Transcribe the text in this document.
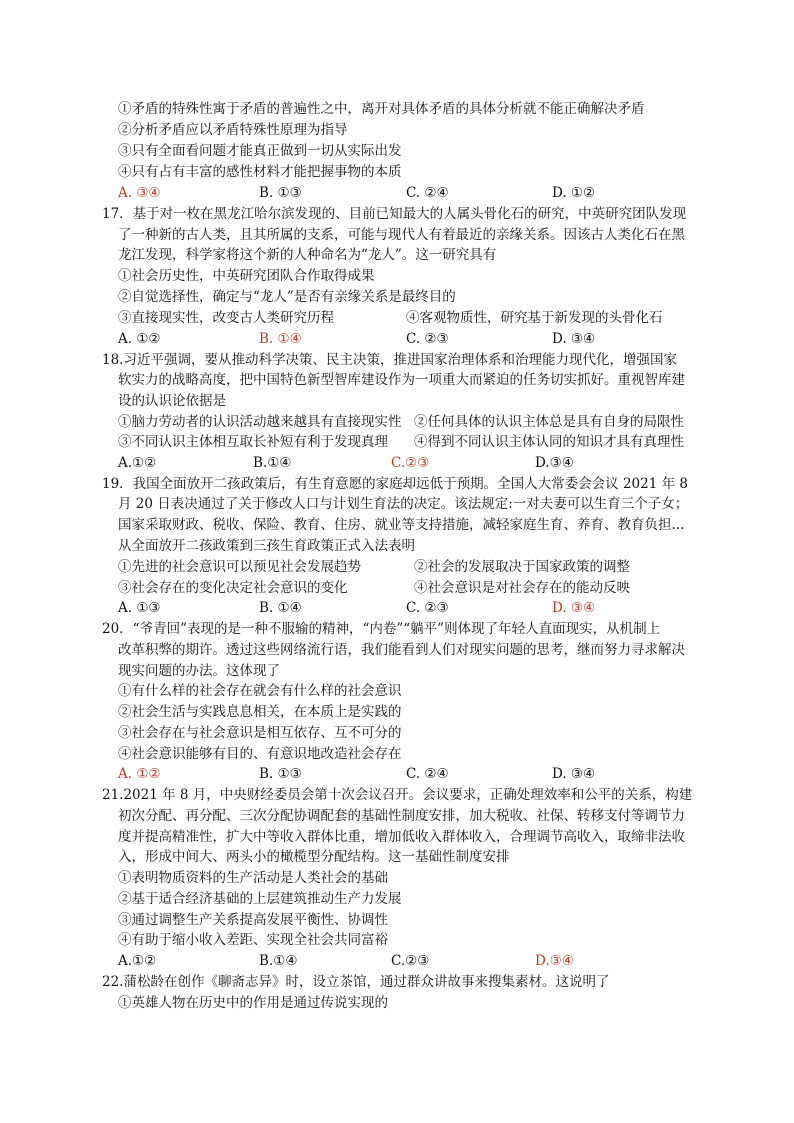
①矛盾的特殊性寓于矛盾的普遍性之中，离开对具体矛盾的具体分析就不能正确解决矛盾
②分析矛盾应以矛盾特殊性原理为指导
③只有全面看问题才能真正做到一切从实际出发
④只有占有丰富的感性材料才能把握事物的本质
A. ③④	B. ①③	C. ②④	D. ①②
17．基于对一枚在黑龙江哈尔滨发现的、目前已知最大的人属头骨化石的研究，中英研究团队发现
了一种新的古人类，且其所属的支系，可能与现代人有着最近的亲缘关系。因该古人类化石在黑
龙江发现，科学家将这个新的人种命名为“龙人”。这一研究具有
①社会历史性，中英研究团队合作取得成果
②自觉选择性，确定与“龙人”是否有亲缘关系是最终目的
③直接现实性，改变古人类研究历程	④客观物质性，研究基于新发现的头骨化石
A. ①②	B. ①④	C. ②③	D. ③④
18.习近平强调，要从推动科学决策、民主决策，推进国家治理体系和治理能力现代化，增强国家
软实力的战略高度，把中国特色新型智库建设作为一项重大而紧迫的任务切实抓好。重视智库建
设的认识论依据是
①脑力劳动者的认识活动越来越具有直接现实性 ②任何具体的认识主体总是具有自身的局限性
③不同认识主体相互取长补短有利于发现真理 ④得到不同认识主体认同的知识才具有真理性
A.①②	B.①④	C.②③	D.③④
19．我国全面放开二孩政策后，有生育意愿的家庭却远低于预期。全国人大常委会会议 2021 年 8
月 20 日表决通过了关于修改人口与计划生育法的决定。该法规定:一对夫妻可以生育三个子女；
国家采取财政、税收、保险、教育、住房、就业等支持措施，减轻家庭生育、养育、教育负担...
从全面放开二孩政策到三孩生育政策正式入法表明
①先进的社会意识可以预见社会发展趋势	②社会的发展取决于国家政策的调整
③社会存在的变化决定社会意识的变化	④社会意识是对社会存在的能动反映
A. ①③	B. ①④	C. ②③	D. ③④
20．“爷青回”表现的是一种不服输的精神，“内卷”“躺平”则体现了年轻人直面现实，从机制上
改革积弊的期许。透过这些网络流行语，我们能看到人们对现实问题的思考，继而努力寻求解决
现实问题的办法。这体现了
①有什么样的社会存在就会有什么样的社会意识
②社会生活与实践息息相关，在本质上是实践的
③社会存在与社会意识是相互依存、互不可分的
④社会意识能够有目的、有意识地改造社会存在
A. ①②	B. ①③	C. ②④	D. ③④
21.2021 年 8 月，中央财经委员会第十次会议召开。会议要求，正确处理效率和公平的关系，构建
初次分配、再分配、三次分配协调配套的基础性制度安排，加大税收、社保、转移支付等调节力
度并提高精准性，扩大中等收入群体比重，增加低收入群体收入，合理调节高收入，取缔非法收
入，形成中间大、两头小的橄榄型分配结构。这一基础性制度安排
①表明物质资料的生产活动是人类社会的基础
②基于适合经济基础的上层建筑推动生产力发展
③通过调整生产关系提高发展平衡性、协调性
④有助于缩小收入差距、实现全社会共同富裕
A.①②	B.①④	C.②③	D.③④
22.蒲松龄在创作《聊斋志异》时，设立茶馆，通过群众讲故事来搜集素材。这说明了
①英雄人物在历史中的作用是通过传说实现的
